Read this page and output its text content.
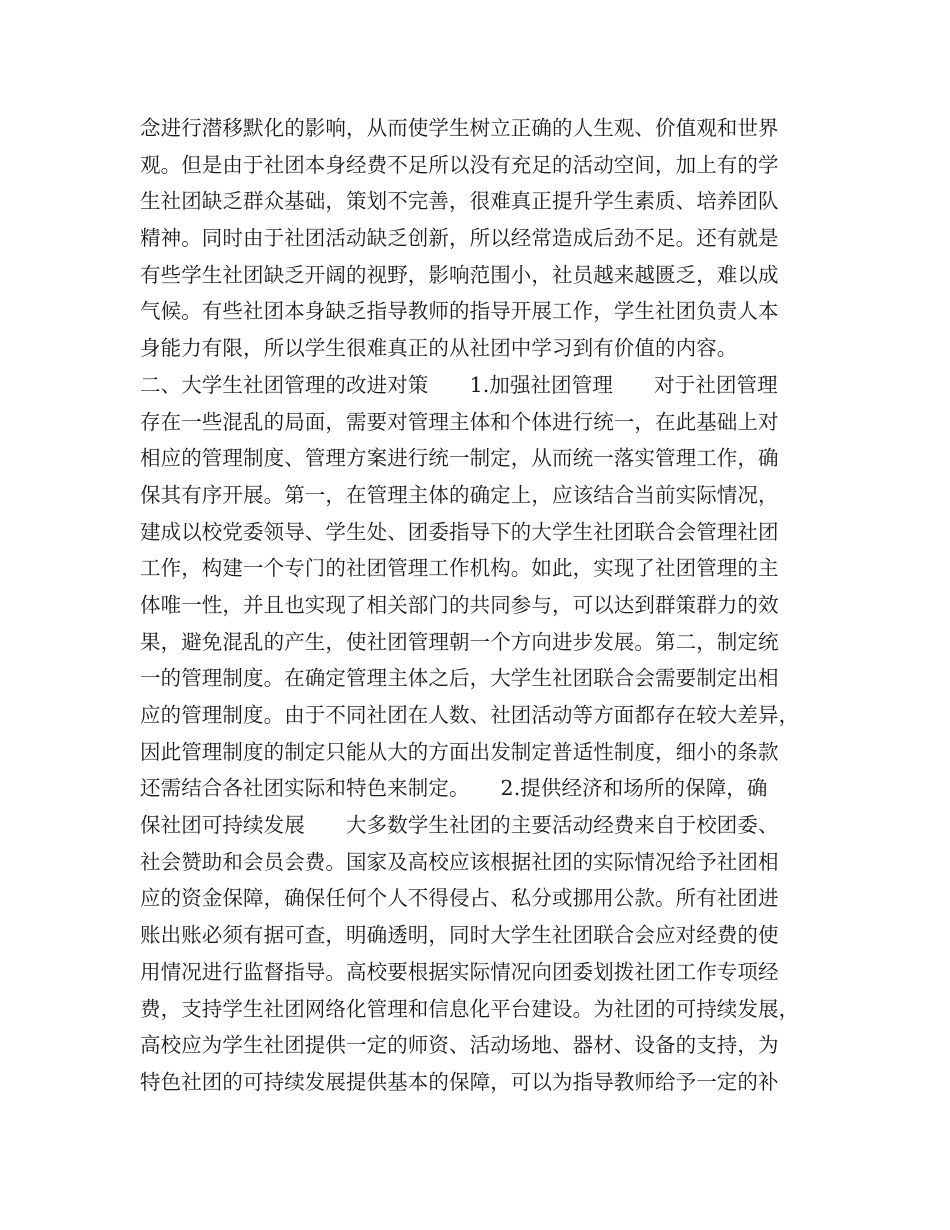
念进行潜移默化的影响，从而使学生树立正确的人生观、价值观和世界
观。但是由于社团本身经费不足所以没有充足的活动空间，加上有的学
生社团缺乏群众基础，策划不完善，很难真正提升学生素质、培养团队
精神。同时由于社团活动缺乏创新，所以经常造成后劲不足。还有就是
有些学生社团缺乏开阔的视野，影响范围小，社员越来越匮乏，难以成
气候。有些社团本身缺乏指导教师的指导开展工作，学生社团负责人本
身能力有限，所以学生很难真正的从社团中学习到有价值的内容。
二、大学生社团管理的改进对策　　1.加强社团管理　　对于社团管理
存在一些混乱的局面，需要对管理主体和个体进行统一，在此基础上对
相应的管理制度、管理方案进行统一制定，从而统一落实管理工作，确
保其有序开展。第一，在管理主体的确定上，应该结合当前实际情况，
建成以校党委领导、学生处、团委指导下的大学生社团联合会管理社团
工作，构建一个专门的社团管理工作机构。如此，实现了社团管理的主
体唯一性，并且也实现了相关部门的共同参与，可以达到群策群力的效
果，避免混乱的产生，使社团管理朝一个方向进步发展。第二，制定统
一的管理制度。在确定管理主体之后，大学生社团联合会需要制定出相
应的管理制度。由于不同社团在人数、社团活动等方面都存在较大差异，
因此管理制度的制定只能从大的方面出发制定普适性制度，细小的条款
还需结合各社团实际和特色来制定。　　2.提供经济和场所的保障，确
保社团可持续发展　　大多数学生社团的主要活动经费来自于校团委、
社会赞助和会员会费。国家及高校应该根据社团的实际情况给予社团相
应的资金保障，确保任何个人不得侵占、私分或挪用公款。所有社团进
账出账必须有据可查，明确透明，同时大学生社团联合会应对经费的使
用情况进行监督指导。高校要根据实际情况向团委划拨社团工作专项经
费，支持学生社团网络化管理和信息化平台建设。为社团的可持续发展，
高校应为学生社团提供一定的师资、活动场地、器材、设备的支持，为
特色社团的可持续发展提供基本的保障，可以为指导教师给予一定的补
